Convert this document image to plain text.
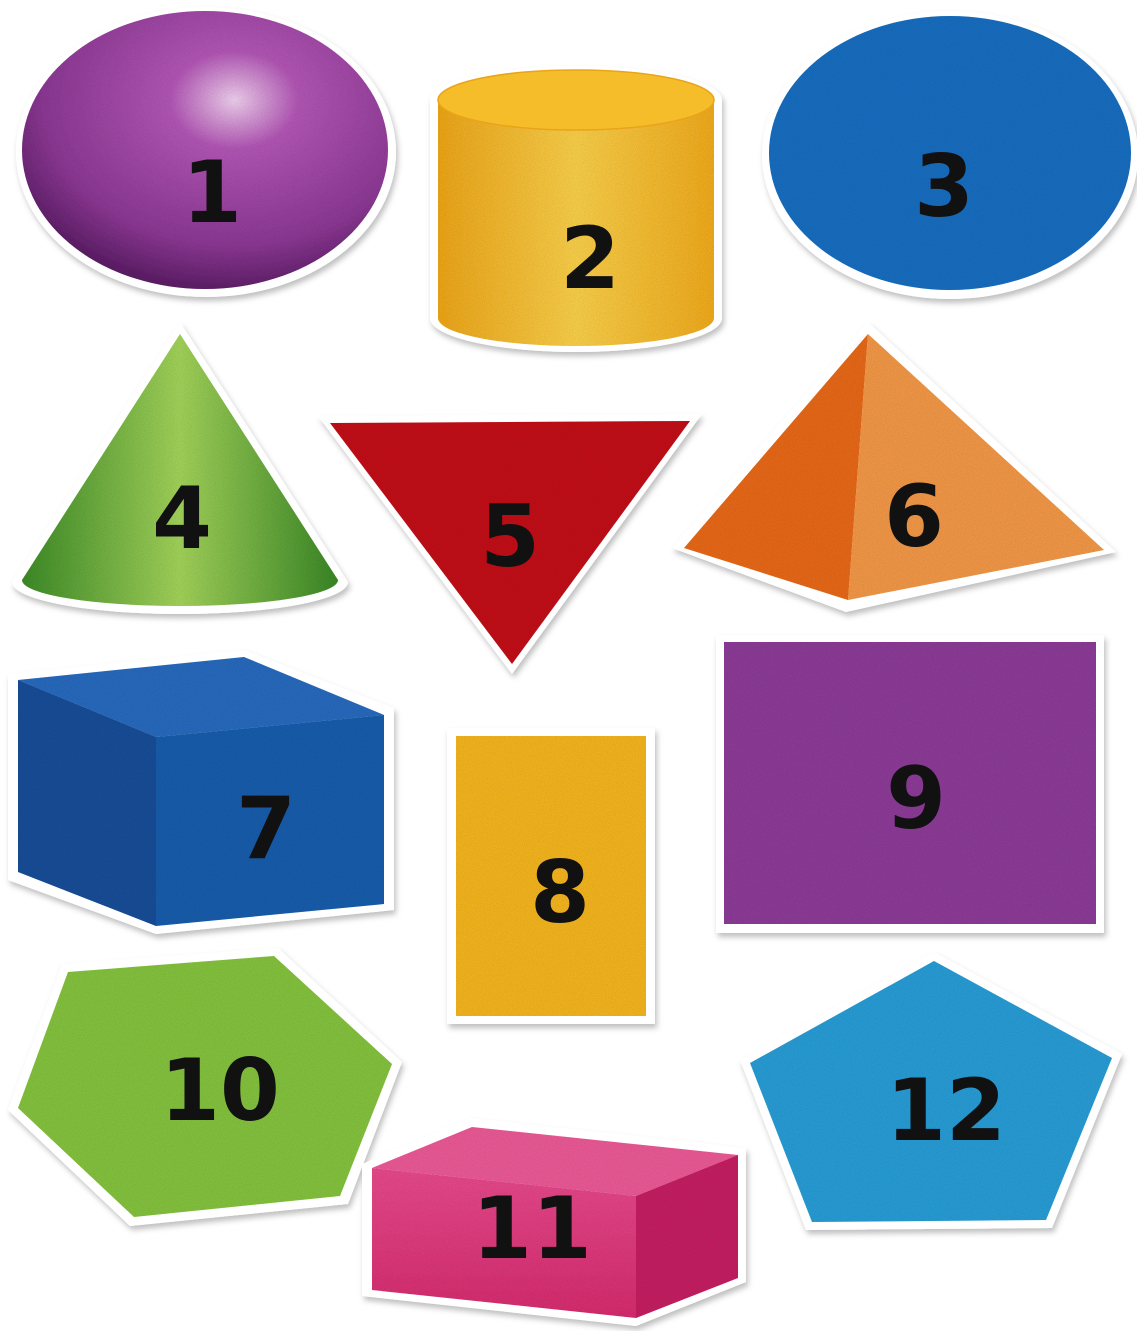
1
2
3
4	5	6
7
8
9
10
11
12
